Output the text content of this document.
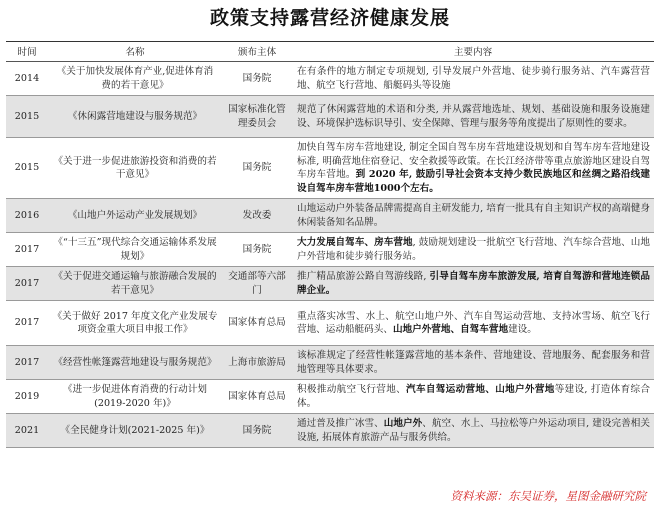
政策支持露营经济健康发展
时间	名称	颁布主体	主要内容
2014	《关于加快发展体育产业,促进体育消费的若干意见》	国务院	在有条件的地方制定专项规划, 引导发展户外营地、徒步骑行服务站、汽车露营营地、航空飞行营地、船艇码头等设施
2015	《休闲露营地建设与服务规范》	国家标准化管理委员会	规范了休闲露营地的术语和分类, 并从露营地选址、规划、基础设施和服务设施建设、环境保护选标识导引、安全保障、管理与服务等角度提出了原则性的要求。
2015	《关于进一步促进旅游投资和消费的若干意见》	国务院	加快自驾车房车营地建设, 制定全国自驾车房车营地建设规划和自驾车房车营地建设标准, 明确营地住宿登记、安全救援等政策。在长江经济带等重点旅游地区建设自驾车房车营地。到 2020 年, 鼓励引导社会资本支持少数民族地区和丝绸之路沿线建设自驾车房车营地1000个左右。
2016	《山地户外运动产业发展规划》	发改委	山地运动户外装备品牌需提高自主研发能力, 培育一批具有自主知识产权的高端健身休闲装备知名品牌。
2017	《“十三五”现代综合交通运输体系发展规划》	国务院	大力发展自驾车、房车营地, 鼓励规划建设一批航空飞行营地、汽车综合营地、山地户外营地和徒步骑行服务站。
2017	《关于促进交通运输与旅游融合发展的若干意见》	交通部等六部门	推广精品旅游公路自驾游线路, 引导自驾车房车旅游发展, 培育自驾游和营地连锁品牌企业。
2017	《关于做好 2017 年度文化产业发展专项资金重大项目申报工作》	国家体育总局	重点落实冰雪、水上、航空山地户外、汽车自驾运动营地、支持冰雪场、航空飞行营地、运动船艇码头、山地户外营地、自驾车营地建设。
2017	《经营性帐篷露营地建设与服务规范》	上海市旅游局	该标准规定了经营性帐篷露营地的基本条件、营地建设、营地服务、配套服务和营地管理等具体要求。
2019	《进一步促进体育消费的行动计划(2019-2020 年)》	国家体育总局	积极推动航空飞行营地、汽车自驾运动营地、山地户外营地等建设, 打造体育综合体。
2021	《全民健身计划(2021-2025 年)》	国务院	通过普及推广冰雪、山地户外、航空、水上、马拉松等户外运动项目, 建设完善相关设施, 拓展体育旅游产品与服务供给。
资料来源：东吴证券，星图金融研究院
